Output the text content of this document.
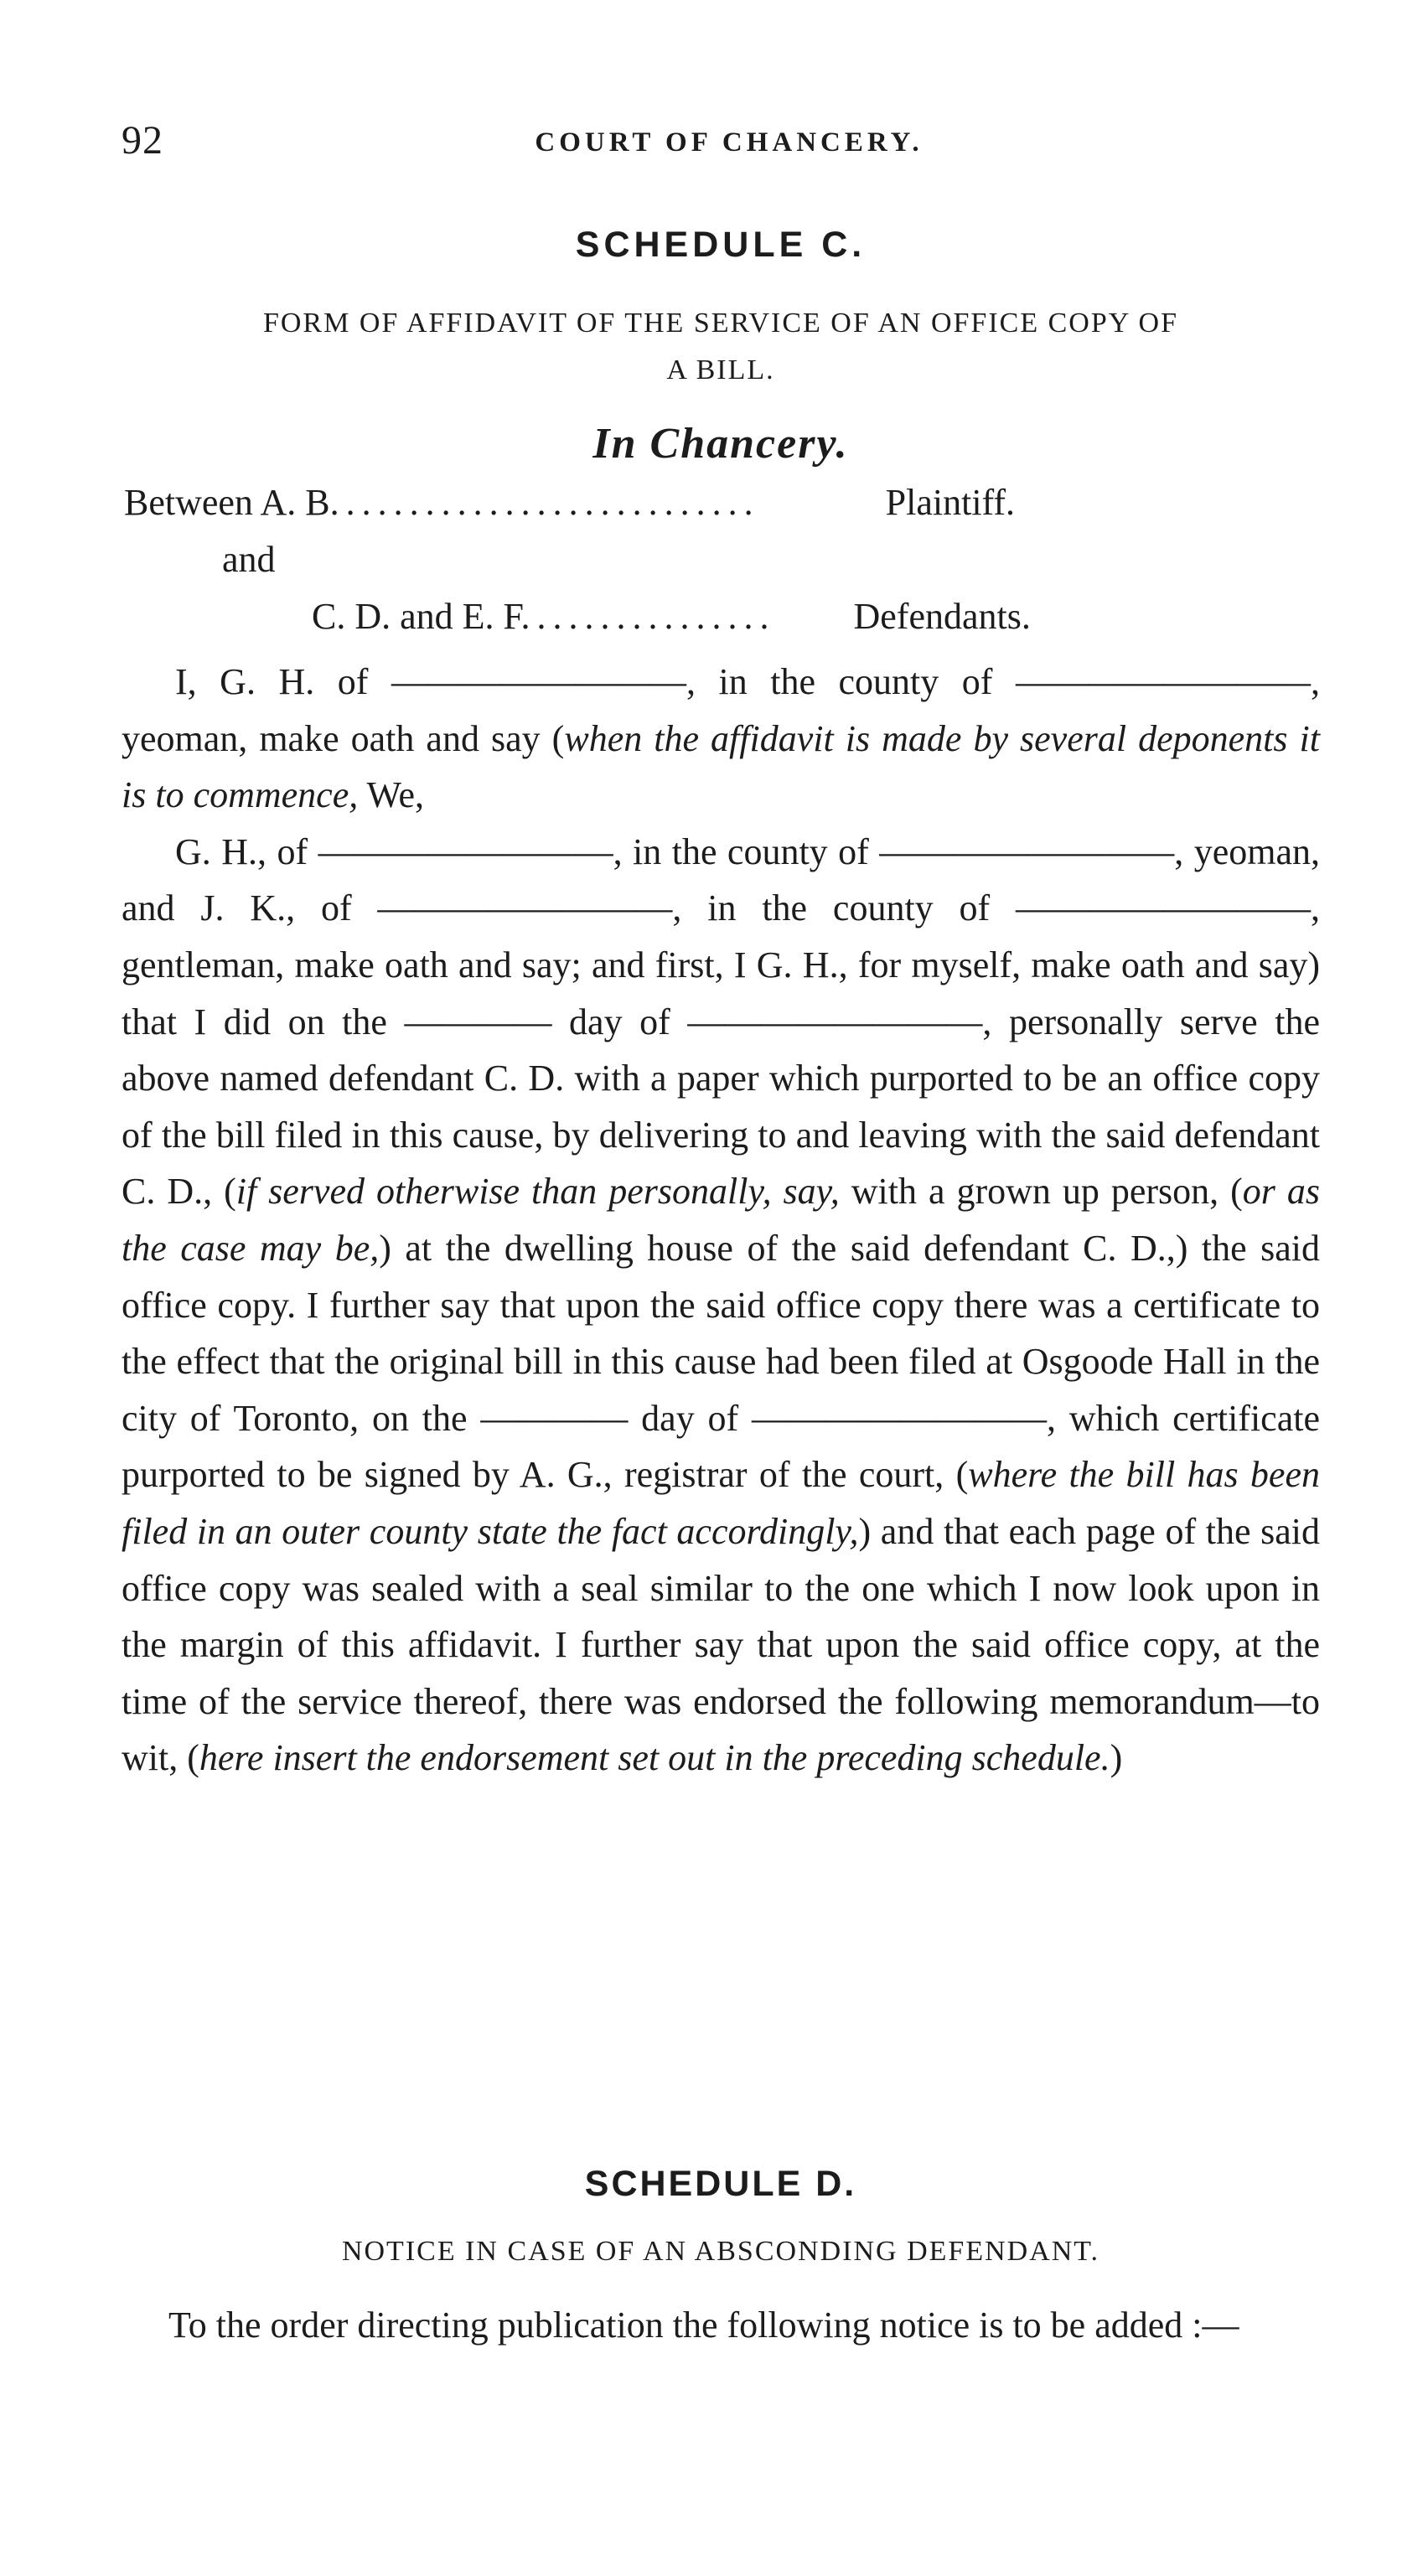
92	COURT OF CHANCERY.
SCHEDULE C.
FORM OF AFFIDAVIT OF THE SERVICE OF AN OFFICE COPY OF
A BILL.
In Chancery.
Between A. B. ..........................	Plaintiff.
and
C. D. and E. F. ............... Defendants.

I, G. H. of ————————, in the county of ————————, yeoman, make oath and say (when the affidavit is made by several deponents it is to commence, We,

G. H., of ————————, in the county of ————————, yeoman, and J. K., of ————————, in the county of ————————, gentleman, make oath and say; and first, I G. H., for myself, make oath and say) that I did on the ———— day of ————————, personally serve the above named defendant C. D. with a paper which purported to be an office copy of the bill filed in this cause, by delivering to and leaving with the said defendant C. D., (if served otherwise than personally, say, with a grown up person, (or as the case may be,) at the dwelling house of the said defendant C. D.,) the said office copy. I further say that upon the said office copy there was a certificate to the effect that the original bill in this cause had been filed at Osgoode Hall in the city of Toronto, on the ———— day of ————————, which certificate purported to be signed by A. G., registrar of the court, (where the bill has been filed in an outer county state the fact accordingly,) and that each page of the said office copy was sealed with a seal similar to the one which I now look upon in the margin of this affidavit. I further say that upon the said office copy, at the time of the service thereof, there was endorsed the following memorandum—to wit, (here insert the endorsement set out in the preceding schedule.)

SCHEDULE D.
NOTICE IN CASE OF AN ABSCONDING DEFENDANT.

To the order directing publication the following notice is to be added :—
